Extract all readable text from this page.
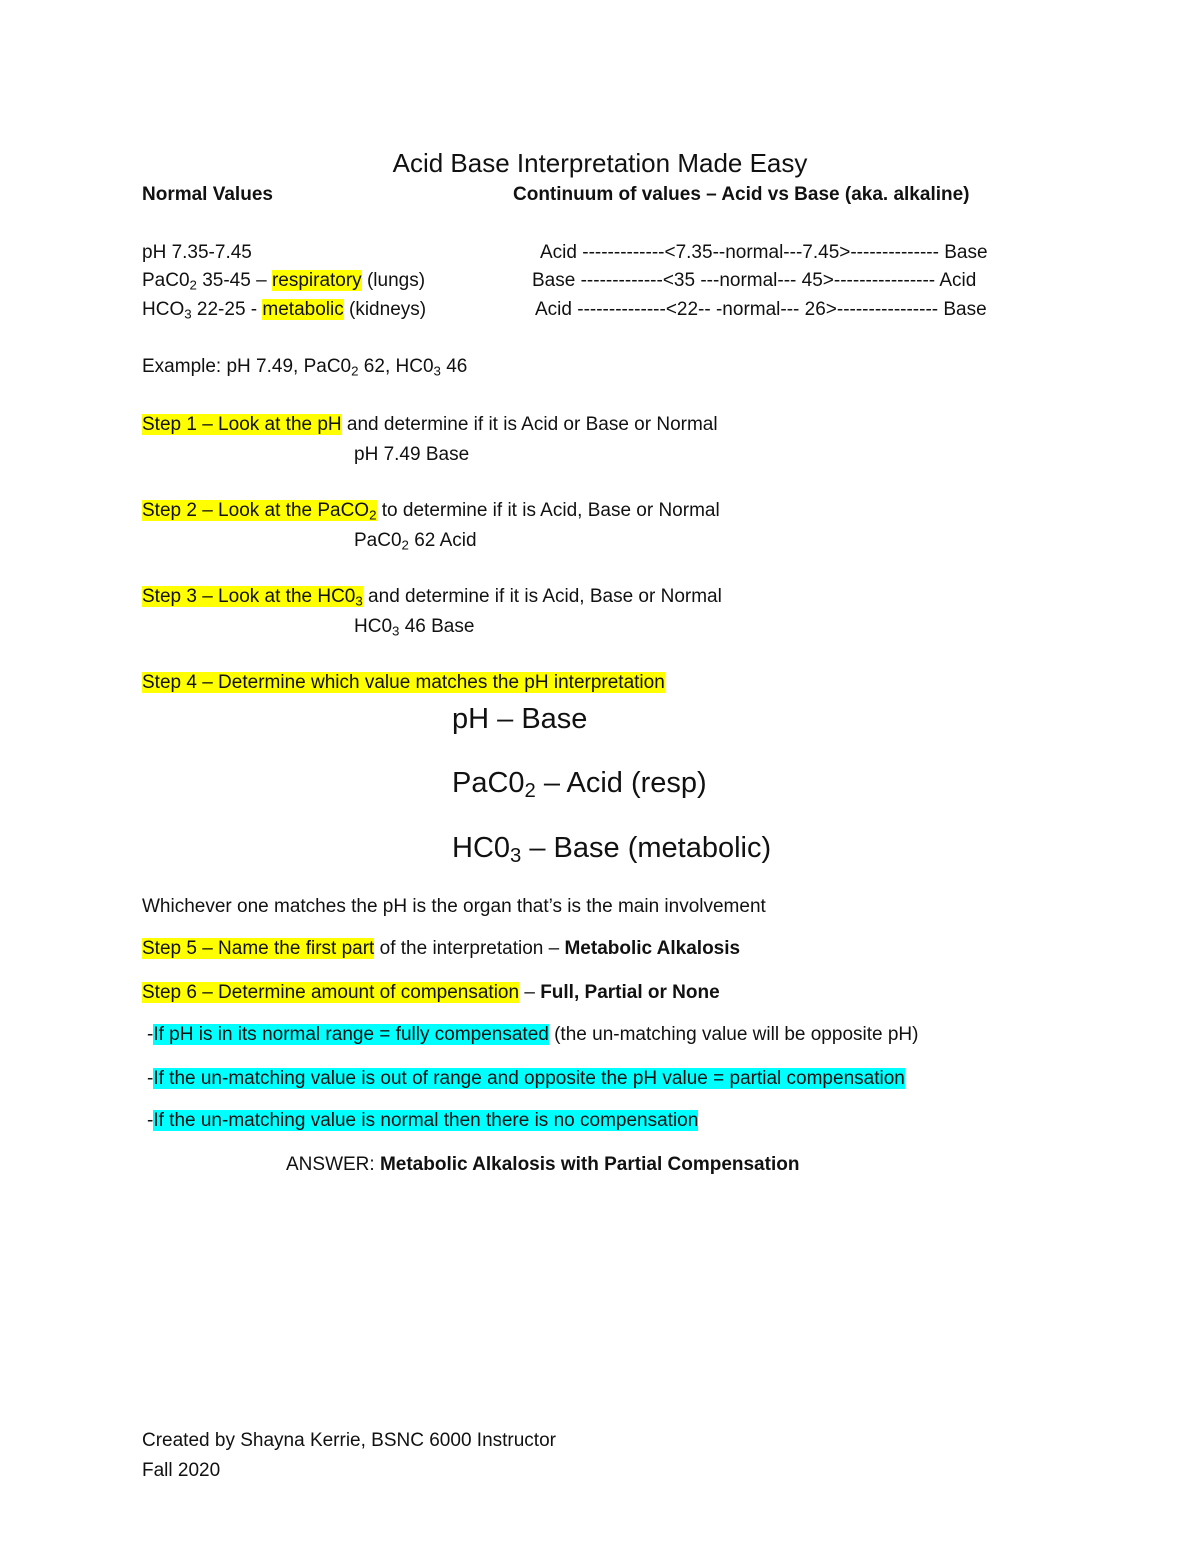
Acid Base Interpretation Made Easy
Normal Values	Continuum of values – Acid vs Base (aka. alkaline)
pH 7.35-7.45
$PaC0_2$ 35-45 – respiratory (lungs)
$HCO_3$ 22-25 - metabolic (kidneys)
Acid -------------<7.35--normal---7.45>-------------- Base
Base -------------<35 ---normal--- 45>---------------- Acid
Acid --------------<22-- -normal--- 26>---------------- Base
Example: pH 7.49, $PaC0_2$ 62, $HC0_3$ 46
Step 1 – Look at the pH and determine if it is Acid or Base or Normal
pH 7.49 Base
Step 2 – Look at the PaCO$_2$ to determine if it is Acid, Base or Normal
$PaC0_2$ 62 Acid
Step 3 – Look at the $HC0_3$ and determine if it is Acid, Base or Normal
$HC0_3$ 46 Base
Step 4 – Determine which value matches the pH interpretation
pH – Base
$PaC0_2$ – Acid (resp)
$HC0_3$ – Base (metabolic)
Whichever one matches the pH is the organ that’s is the main involvement
Step 5 – Name the first part of the interpretation – Metabolic Alkalosis
Step 6 – Determine amount of compensation – Full, Partial or None
-If pH is in its normal range = fully compensated (the un-matching value will be opposite pH)
-If the un-matching value is out of range and opposite the pH value = partial compensation
-If the un-matching value is normal then there is no compensation
ANSWER: Metabolic Alkalosis with Partial Compensation
Created by Shayna Kerrie, BSNC 6000 Instructor
Fall 2020
